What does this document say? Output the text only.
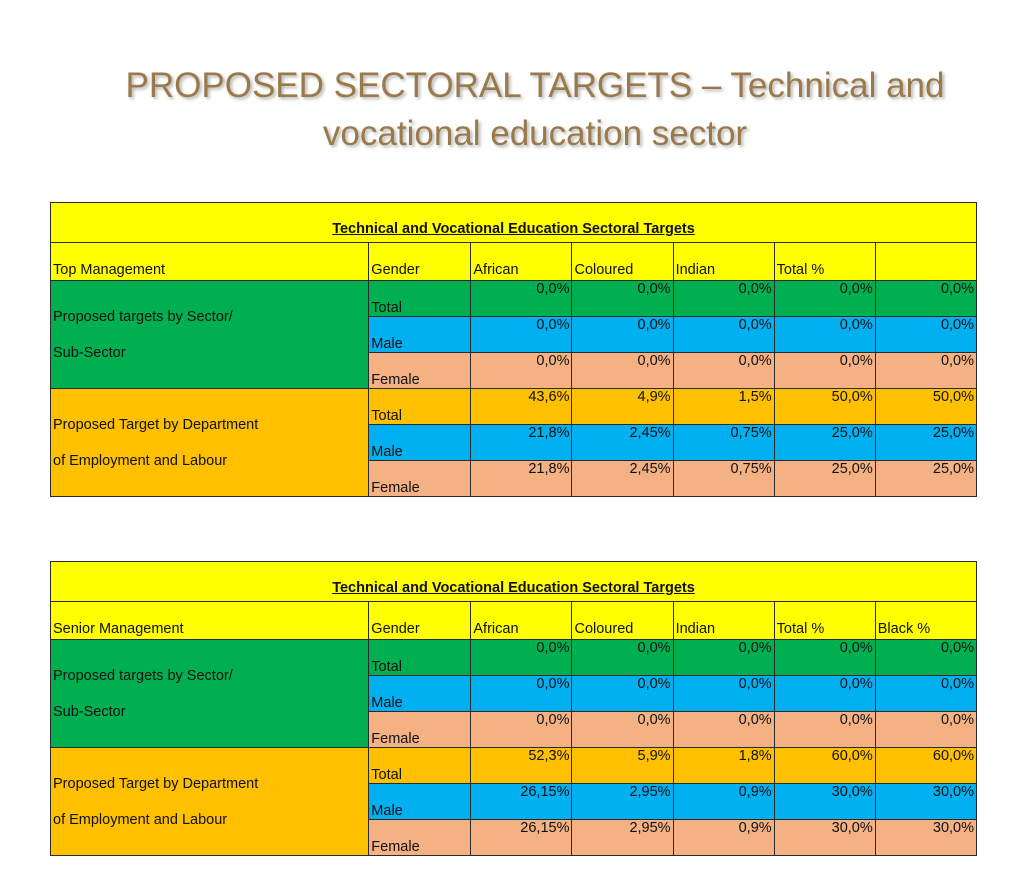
PROPOSED SECTORAL TARGETS – Technical and
vocational education sector
Technical and Vocational Education Sectoral Targets						
Top Management	Gender	African	Coloured	Indian	Total %	

Proposed targets by Sector/
Sub-Sector	Total	0,0%	0,0%	0,0%	0,0%	0,0%
	Male	0,0%	0,0%	0,0%	0,0%	0,0%
	Female	0,0%	0,0%	0,0%	0,0%	0,0%

Proposed Target by Department
of Employment and Labour	Total	43,6%	4,9%	1,5%	50,0%	50,0%
	Male	21,8%	2,45%	0,75%	25,0%	25,0%
	Female	21,8%	2,45%	0,75%	25,0%	25,0%
Technical and Vocational Education Sectoral Targets						
Senior Management	Gender	African	Coloured	Indian	Total %	Black %

Proposed targets by Sector/
Sub-Sector	Total	0,0%	0,0%	0,0%	0,0%	0,0%
	Male	0,0%	0,0%	0,0%	0,0%	0,0%
	Female	0,0%	0,0%	0,0%	0,0%	0,0%

Proposed Target by Department
of Employment and Labour	Total	52,3%	5,9%	1,8%	60,0%	60,0%
	Male	26,15%	2,95%	0,9%	30,0%	30,0%
	Female	26,15%	2,95%	0,9%	30,0%	30,0%
